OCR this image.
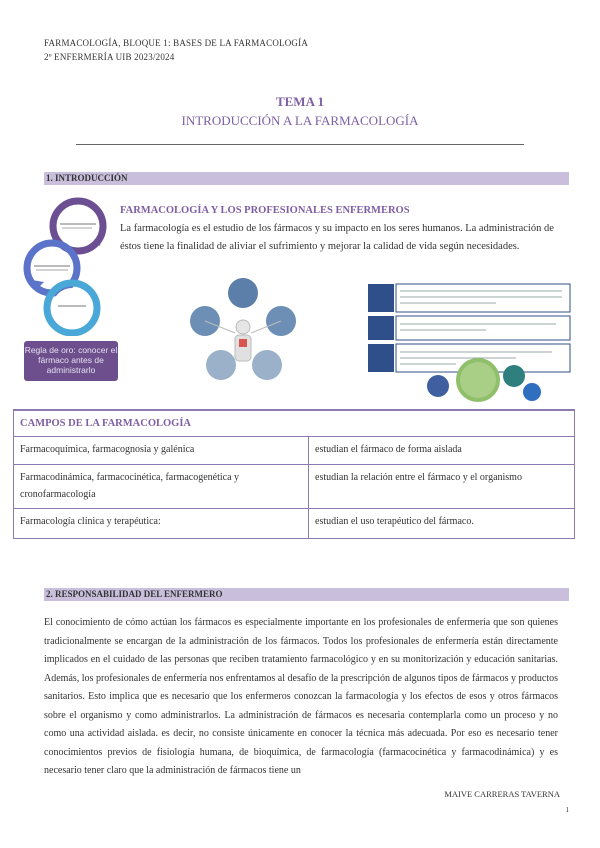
FARMACOLOGÍA, BLOQUE 1: BASES DE LA FARMACOLOGÍA
2º ENFERMERÍA UIB 2023/2024
TEMA 1
INTRODUCCIÓN A LA FARMACOLOGÍA
1. INTRODUCCIÓN
Regla de oro: conocer el fármaco antes de administrarlo
FARMACOLOGÍA Y LOS PROFESIONALES ENFERMEROS
La farmacología es el estudio de los fármacos y su impacto en los seres humanos. La administración de éstos tiene la finalidad de aliviar el sufrimiento y mejorar la calidad de vida según necesidades.
CAMPOS DE LA FARMACOLOGÍA	
Farmacoquímica, farmacognosia y galénica	estudian el fármaco de forma aislada
Farmacodinámica, farmacocinética, farmacogenética y cronofarmacología	estudian la relación entre el fármaco y el organismo
Farmacología clínica y terapéutica:	estudian el uso terapéutico del fármaco.
2. RESPONSABILIDAD DEL ENFERMERO
El conocimiento de cómo actúan los fármacos es especialmente importante en los profesionales de enfermería que son quienes tradicionalmente se encargan de la administración de los fármacos. Todos los profesionales de enfermería están directamente implicados en el cuidado de las personas que reciben tratamiento farmacológico y en su monitorización y educación sanitarias. Además, los profesionales de enfermería nos enfrentamos al desafío de la prescripción de algunos tipos de fármacos y productos sanitarios. Esto implica que es necesario que los enfermeros conozcan la farmacología y los efectos de esos y otros fármacos sobre el organismo y como administrarlos. La administración de fármacos es necesaria contemplarla como un proceso y no como una actividad aislada. es decir, no consiste únicamente en conocer la técnica más adecuada. Por eso es necesario tener conocimientos previos de fisiología humana, de bioquímica, de farmacología (farmacocinética y farmacodinámica) y es necesario tener claro que la administración de fármacos tiene un
MAIVE CARRERAS TAVERNA
1
